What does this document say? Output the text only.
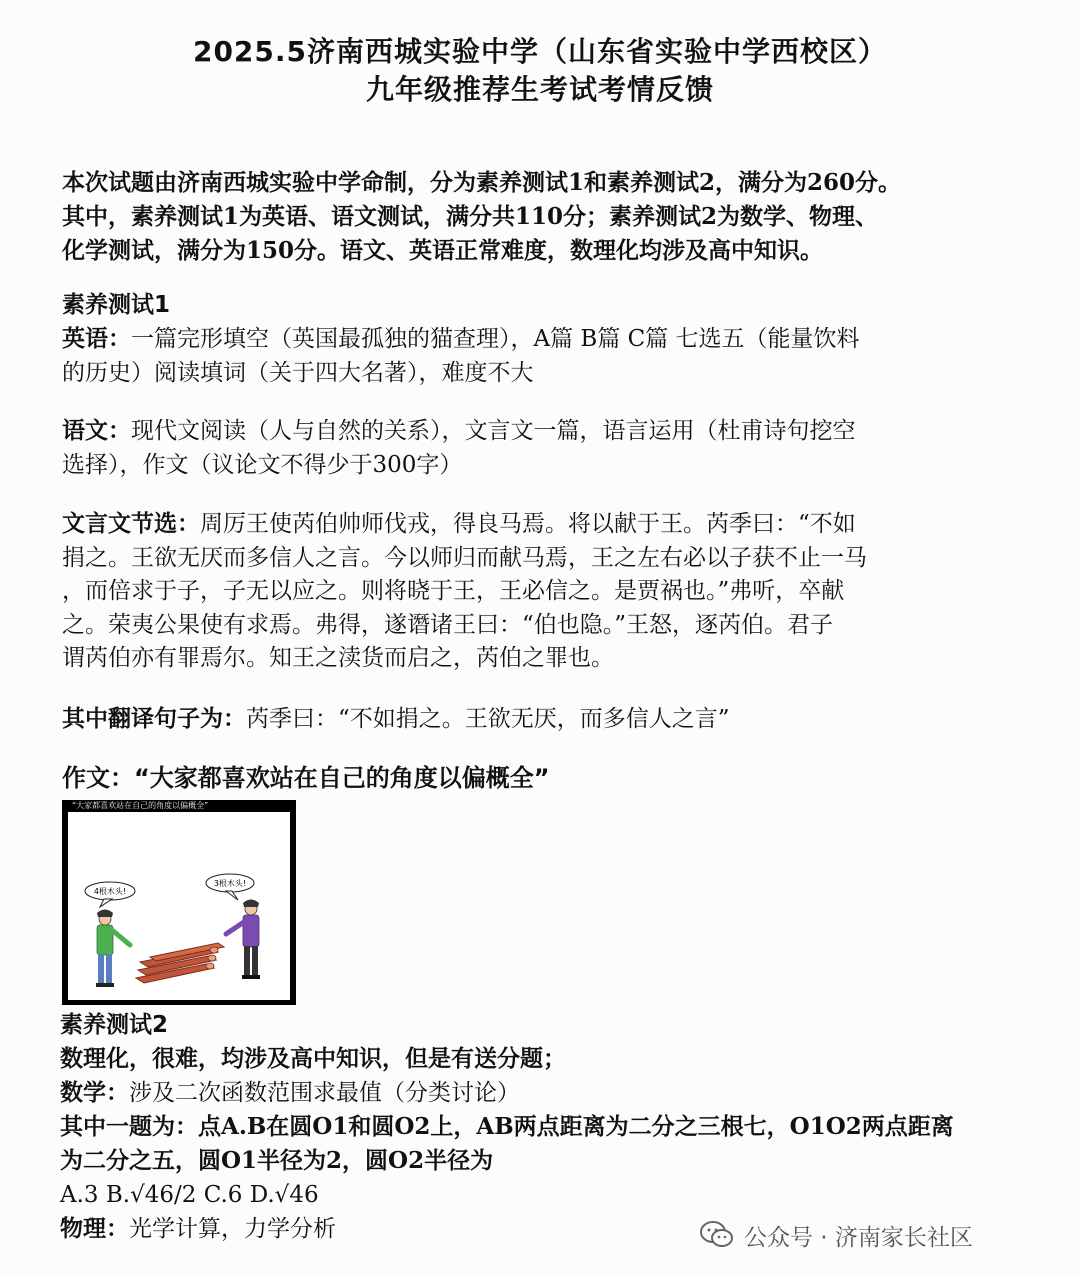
2025.5济南西城实验中学（山东省实验中学西校区）
九年级推荐生考试考情反馈
本次试题由济南西城实验中学命制，分为素养测试1和素养测试2，满分为260分。
其中，素养测试1为英语、语文测试，满分共110分；素养测试2为数学、物理、
化学测试，满分为150分。语文、英语正常难度，数理化均涉及高中知识。
素养测试1
英语：一篇完形填空（英国最孤独的猫查理），A篇 B篇 C篇 七选五（能量饮料
的历史）阅读填词（关于四大名著），难度不大
语文：现代文阅读（人与自然的关系），文言文一篇，语言运用（杜甫诗句挖空
选择），作文（议论文不得少于300字）
文言文节选：周厉王使芮伯帅师伐戎，得良马焉。将以献于王。芮季曰：“不如
捐之。王欲无厌而多信人之言。今以师归而献马焉，王之左右必以子获不止一马
，而倍求于子，子无以应之。则将晓于王，王必信之。是贾祸也。”弗听，卒献
之。荣夷公果使有求焉。弗得，遂谮诸王曰：“伯也隐。”王怒，逐芮伯。君子
谓芮伯亦有罪焉尔。知王之渎货而启之，芮伯之罪也。
其中翻译句子为：芮季曰：“不如捐之。王欲无厌，而多信人之言”
作文：“大家都喜欢站在自己的角度以偏概全”
“大家都喜欢站在自己的角度以偏概全”
4根木头!
3根木头!
素养测试2
数理化，很难，均涉及高中知识，但是有送分题；
数学：涉及二次函数范围求最值（分类讨论）
其中一题为：点A.B在圆O1和圆O2上，AB两点距离为二分之三根七，O1O2两点距离
为二分之五，圆O1半径为2，圆O2半径为
A.3 B.√46/2 C.6 D.√46
物理：光学计算，力学分析	公众号 · 济南家长社区
